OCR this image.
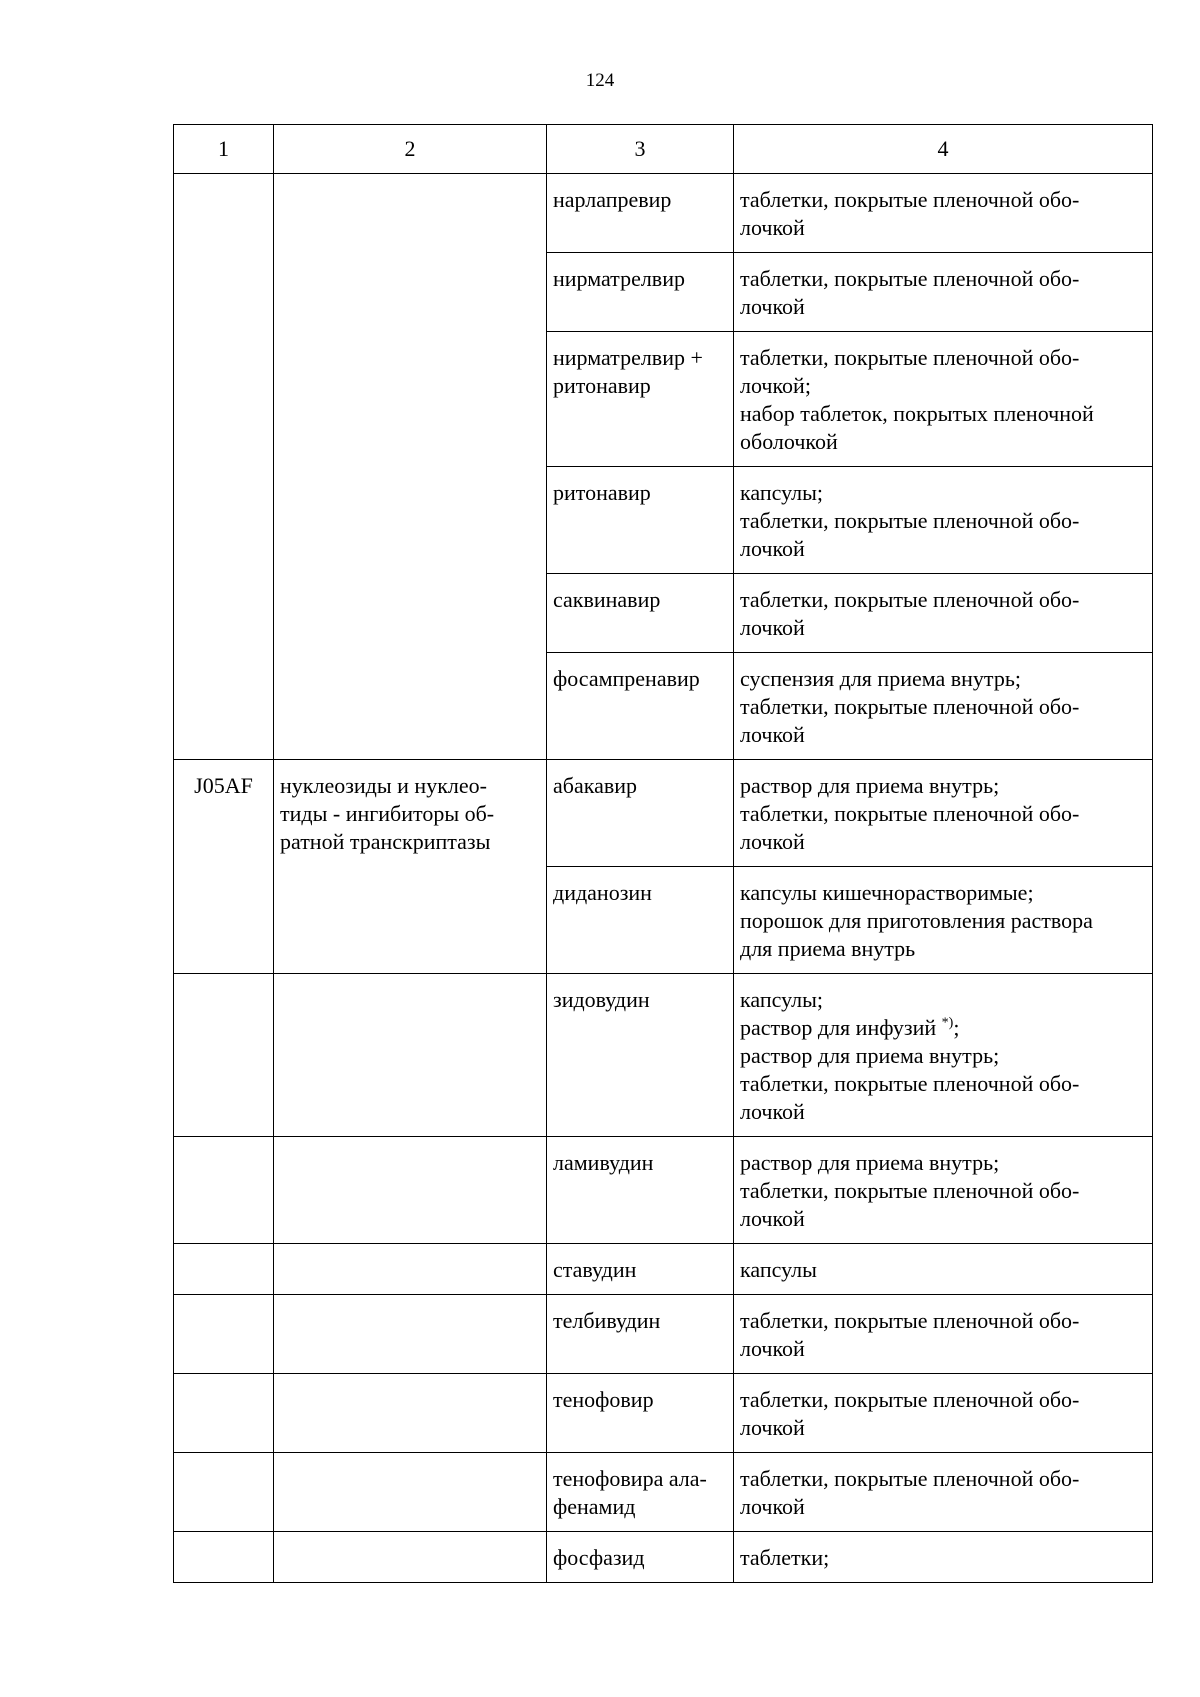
124
1	2	3	4
		нарлапревир	таблетки, покрытые пленочной обо-
лочкой
		нирматрелвир	таблетки, покрытые пленочной обо-
лочкой
		нирматрелвир +
ритонавир	таблетки, покрытые пленочной обо-
лочкой;
набор таблеток, покрытых пленочной
оболочкой
		ритонавир	капсулы;
таблетки, покрытые пленочной обо-
лочкой
		саквинавир	таблетки, покрытые пленочной обо-
лочкой
		фосампренавир	суспензия для приема внутрь;
таблетки, покрытые пленочной обо-
лочкой
J05AF	нуклеозиды и нуклео-
тиды - ингибиторы об-
ратной транскриптазы	абакавир	раствор для приема внутрь;
таблетки, покрытые пленочной обо-
лочкой
		диданозин	капсулы кишечнорастворимые;
порошок для приготовления раствора
для приема внутрь
		зидовудин	капсулы;
раствор для инфузий *);
раствор для приема внутрь;
таблетки, покрытые пленочной обо-
лочкой
		ламивудин	раствор для приема внутрь;
таблетки, покрытые пленочной обо-
лочкой
		ставудин	капсулы
		телбивудин	таблетки, покрытые пленочной обо-
лочкой
		тенофовир	таблетки, покрытые пленочной обо-
лочкой
		тенофовира ала-
фенамид	таблетки, покрытые пленочной обо-
лочкой
		фосфазид	таблетки;
